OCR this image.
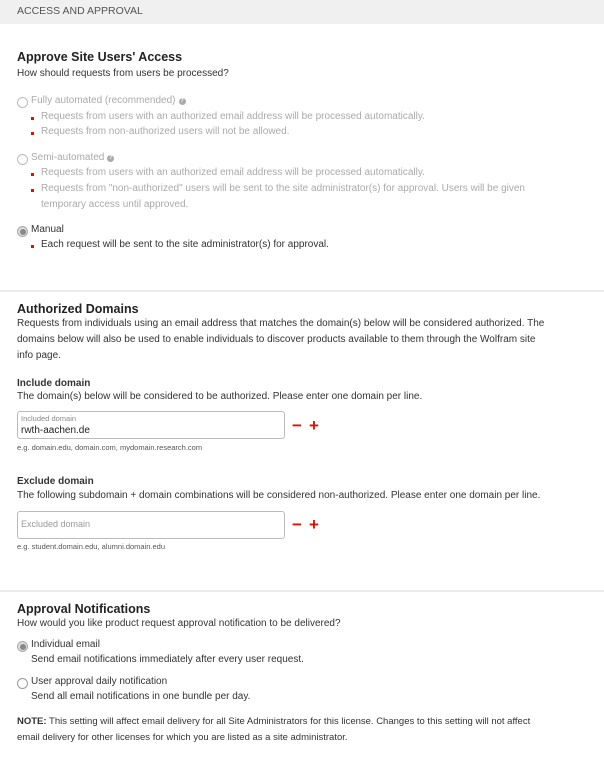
ACCESS AND APPROVAL
Approve Site Users' Access
How should requests from users be processed?
Fully automated (recommended) ?
Requests from users with an authorized email address will be processed automatically.
Requests from non-authorized users will not be allowed.
Semi-automated ?
Requests from users with an authorized email address will be processed automatically.
Requests from "non-authorized" users will be sent to the site administrator(s) for approval. Users will be given
temporary access until approved.
Manual
Each request will be sent to the site administrator(s) for approval.
Authorized Domains
Requests from individuals using an email address that matches the domain(s) below will be considered authorized. The
domains below will also be used to enable individuals to discover products available to them through the Wolfram site
info page.
Include domain
The domain(s) below will be considered to be authorized. Please enter one domain per line.
Included domain
rwth-aachen.de	− +
e.g. domain.edu, domain.com, mydomain.research.com
Exclude domain
The following subdomain + domain combinations will be considered non-authorized. Please enter one domain per line.
Excluded domain
− +
e.g. student.domain.edu, alumni.domain.edu
Approval Notifications
How would you like product request approval notification to be delivered?
Individual email
Send email notifications immediately after every user request.
User approval daily notification
Send all email notifications in one bundle per day.
NOTE: This setting will affect email delivery for all Site Administrators for this license. Changes to this setting will not affect
email delivery for other licenses for which you are listed as a site administrator.
